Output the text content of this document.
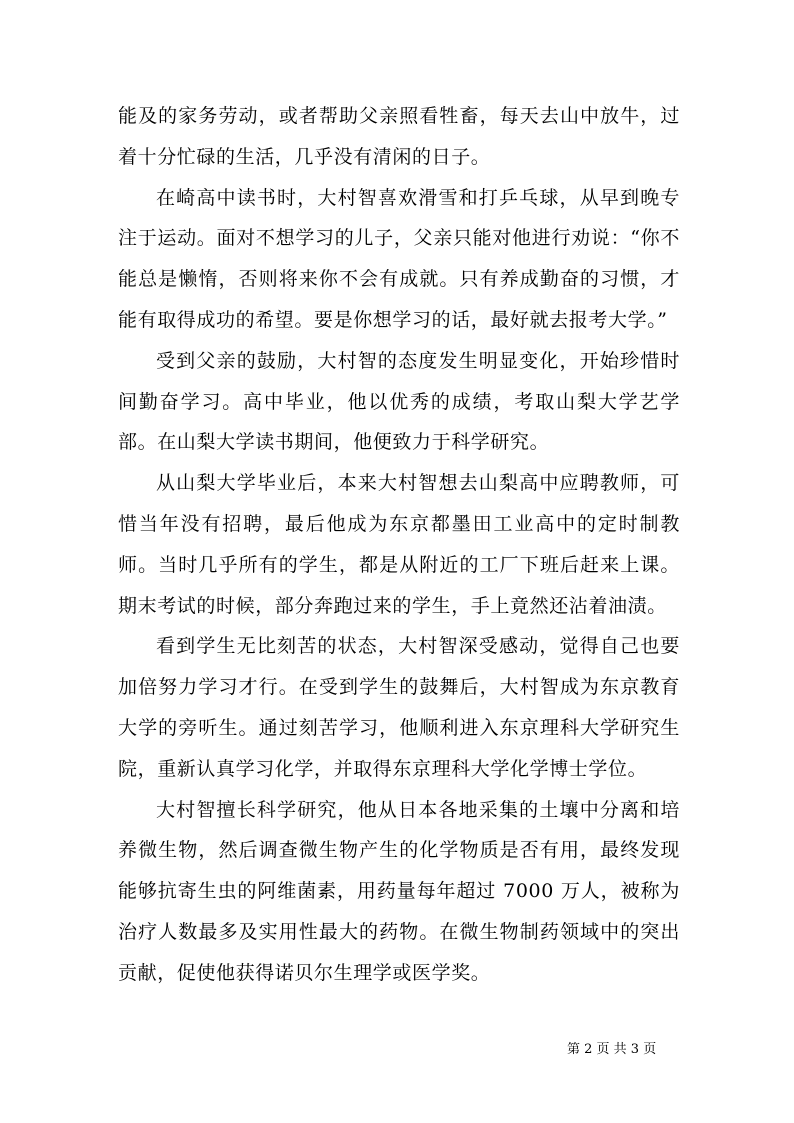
能及的家务劳动，或者帮助父亲照看牲畜，每天去山中放牛，过着十分忙碌的生活，几乎没有清闲的日子。

在崎高中读书时，大村智喜欢滑雪和打乒乓球，从早到晚专注于运动。面对不想学习的儿子，父亲只能对他进行劝说：“你不能总是懒惰，否则将来你不会有成就。只有养成勤奋的习惯，才能有取得成功的希望。要是你想学习的话，最好就去报考大学。”

受到父亲的鼓励，大村智的态度发生明显变化，开始珍惜时间勤奋学习。高中毕业，他以优秀的成绩，考取山梨大学艺学部。在山梨大学读书期间，他便致力于科学研究。

从山梨大学毕业后，本来大村智想去山梨高中应聘教师，可惜当年没有招聘，最后他成为东京都墨田工业高中的定时制教师。当时几乎所有的学生，都是从附近的工厂下班后赶来上课。期末考试的时候，部分奔跑过来的学生，手上竟然还沾着油渍。

看到学生无比刻苦的状态，大村智深受感动，觉得自己也要加倍努力学习才行。在受到学生的鼓舞后，大村智成为东京教育大学的旁听生。通过刻苦学习，他顺利进入东京理科大学研究生院，重新认真学习化学，并取得东京理科大学化学博士学位。

大村智擅长科学研究，他从日本各地采集的土壤中分离和培养微生物，然后调查微生物产生的化学物质是否有用，最终发现能够抗寄生虫的阿维菌素，用药量每年超过 7000 万人，被称为治疗人数最多及实用性最大的药物。在微生物制药领域中的突出贡献，促使他获得诺贝尔生理学或医学奖。

第 2 页 共 3 页
